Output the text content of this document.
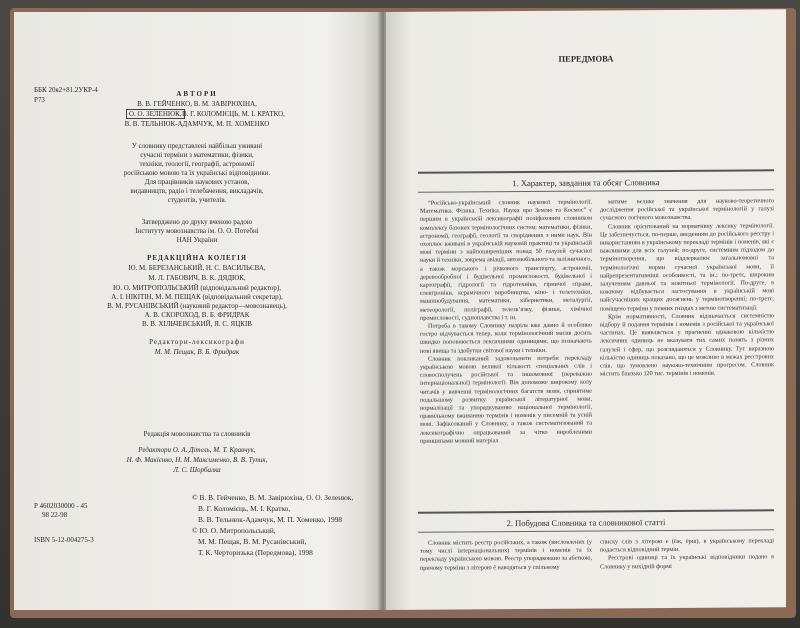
ББК 20я2+81.2УКР-4
Р73
АВТОРИ
В. В. ГЕЙЧЕНКО, В. М. ЗАВІРЮХІНА,
О. О. ЗЕЛЕНЮК, В. Г. КОЛОМІЄЦЬ, М. І. КРАТКО,
В. В. ТЕЛЬНЮК-АДАМЧУК, М. П. ХОМЕНКО
У словнику представлені найбільш уживані
сучасні терміни з математики, фізики,
техніки, геології, географії, астрономії
російською мовою та їх українські відповідники.
Для працівників наукових установ,
видавництв, радіо і телебачення, викладачів,
студентів, учителів.
Затверджено до друку вченою радою
Інституту мовознавства ім. О. О. Потебні
НАН України
РЕДАКЦІЙНА КОЛЕГІЯ
Ю. М. БЕРЕЗАНСЬКИЙ, Н. С. ВАСИЛЬЄВА,
М. Л. ГАБОВИЧ, В. К. ДЯДЮК,
Ю. О. МИТРОПОЛЬСЬКИЙ (відповідальний редактор),
А. І. НІКІТІН, М. М. ПЕЩАК (відповідальний секретар),
В. М. РУСАНІВСЬКИЙ (науковий редактор—мовознавець),
А. В. СКОРОХОД, В. Б. ФРИДРАК
В. В. ХІЛЬЧЕВСЬКИЙ, Я. С. ЯЦКІВ
Редактори-лексикографи
М. М. Пещак, В. Б. Фридрак
Редакція мовознавства та словників
Редактори О. А. Дітель, М. Т. Кравчук,
Н. Ф. Макієнко, Н. М. Максименко, В. В. Тупик,
Л. С. Шорбалка
Р 4602030000 - 45
98 22-98
ISBN 5-12-004275-3
© В. В. Гейченко, В. М. Завірюхіна, О. О. Зеленюк,
В. Г. Коломієць, М. І. Кратко,
В. В. Тельнюк-Адамчук, М. П. Хоменко, 1998
© Ю. О. Митропольський,
М. М. Пещак, В. М. Русанівський,
Т. К. Черторизька (Передмова), 1998
ПЕРЕДМОВА
1. Характер, завдання та обсяг Словника

“Російсько-український словник наукової термінології. Математика. Фізика. Техніка. Науки про Землю та Космос” є першим в українській лексикографії поліфаховим словником комплексу базових термінологічних систем: математики, фізики, астрономії, географії, геології та споріднених з ними наук. Він охоплює вживані в українській науковій практиці та українській мові терміни з найпоширеніших понад 50 галузей сучасної науки й техніки, зокрема авіації, автомобільного та залізничного, а також морського і річкового транспорту, астрономії, деревообробної і будівельної промисловості, будівельної і картографії, гідрології та гідротехніки, гірничої справи, електроніки, керамічного виробництва, кіно- і телетехніки, машинобудування, математики, кібернетики, металургії, метеорології, поліграфії, телезв’язку, фізики, хімічної промисловості, судноплавства і т. ін.

Потреба в такому Словнику назріла вже давно й особливо гостро відчувається тепер, коли термінологічний масив досить швидко поповнюється лексичними одиницями, що позначають нові явища та здобутки світової науки і техніки.

Словник покликаний задовольнити потреби перекладу українською мовою великої кількості спеціальних слів і словосполучень російської та іншомовної (переважно інтернаціональної) термінології. Він допоможе широкому колу читачів у вивченні термінологічних багатств мови, сприятиме подальшому розвитку української літературної мови, нормалізації та упорядкуванню національної термінології, правильному вживанню термінів і номенів у писемній та усній мові. Зафіксований у Словнику, а також систематизований та лексикографічно опрацьований за чітко виробленими принципами мовний матеріал

матиме велике значення для науково-теоретичного дослідження російської та української термінологій у галузі сучасного логічного мовознавства.

Словник орієнтований на нормативну лексику термінології. Це забезпечується, по-перше, введенням до російського реєстру і використанням в українському перекладі термінів і номенів, які є важливими для всіх галузей; по-друге, системним підходом до термінотворення, що віддзеркалює загальномовні та термінологічні норми сучасної української мови, її найрепрезентативніші особливості, та ін.; по-третє, широким залученням давньої та новітньої термінології. По-друге, в кожному відбувається застосування в українській мові найсучасніших кращих досягнень у термінотворенні; по-третє, поміщено терміни у певних гніздах з метою систематизації.

Крім нормативності, Словник відзначається системністю відбору й подання термінів і номенів з російської та української частинах. Це виявляється у прагненні однаковою кількістю лексичних одиниць не вказувати тих самих понять з різних галузей і сфер, що розглядаються у Словнику. Тут виразною кількістю одиниць показано, що це можливо в межах реєстрових слів, що зумовлено науково-технічним прогресом. Словник містить близько 120 тис. термінів і номенів.

2. Побудова Словника та словникової статті

Словник містить реєстр російських, а також (висловлених (у тому числі інтернаціональних) термінів і номенів та їх перекладу українською мовою. Реєстр упорядковано за абеткою, причому терміни з літерою ё наводяться у спільному

списку слів з літерою е (ёж, ёрш), в українському перекладі подається відповідний термін.

Реєстрові одиниці та їх українські відповідники подано в Словнику у вихідній формі
